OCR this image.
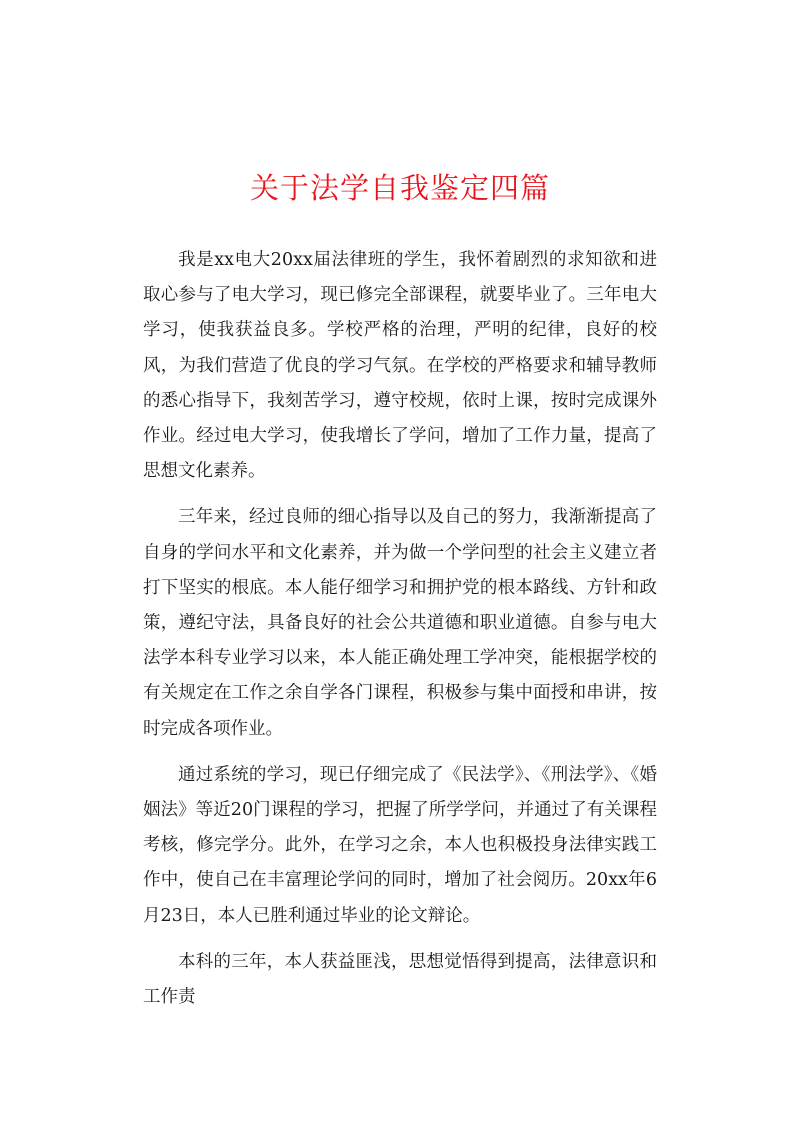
关于法学自我鉴定四篇

我是xx电大20xx届法律班的学生，我怀着剧烈的求知欲和进取心参与了电大学习，现已修完全部课程，就要毕业了。三年电大学习，使我获益良多。学校严格的治理，严明的纪律，良好的校风，为我们营造了优良的学习气氛。在学校的严格要求和辅导教师的悉心指导下，我刻苦学习，遵守校规，依时上课，按时完成课外作业。经过电大学习，使我增长了学问，增加了工作力量，提高了思想文化素养。

三年来，经过良师的细心指导以及自己的努力，我渐渐提高了自身的学问水平和文化素养，并为做一个学问型的社会主义建立者打下坚实的根底。本人能仔细学习和拥护党的根本路线、方针和政策，遵纪守法，具备良好的社会公共道德和职业道德。自参与电大法学本科专业学习以来，本人能正确处理工学冲突，能根据学校的有关规定在工作之余自学各门课程，积极参与集中面授和串讲，按时完成各项作业。

通过系统的学习，现已仔细完成了《民法学》、《刑法学》、《婚姻法》等近20门课程的学习，把握了所学学问，并通过了有关课程考核，修完学分。此外，在学习之余，本人也积极投身法律实践工作中，使自己在丰富理论学问的同时，增加了社会阅历。20xx年6月23日，本人已胜利通过毕业的论文辩论。

本科的三年，本人获益匪浅，思想觉悟得到提高，法律意识和工作责
